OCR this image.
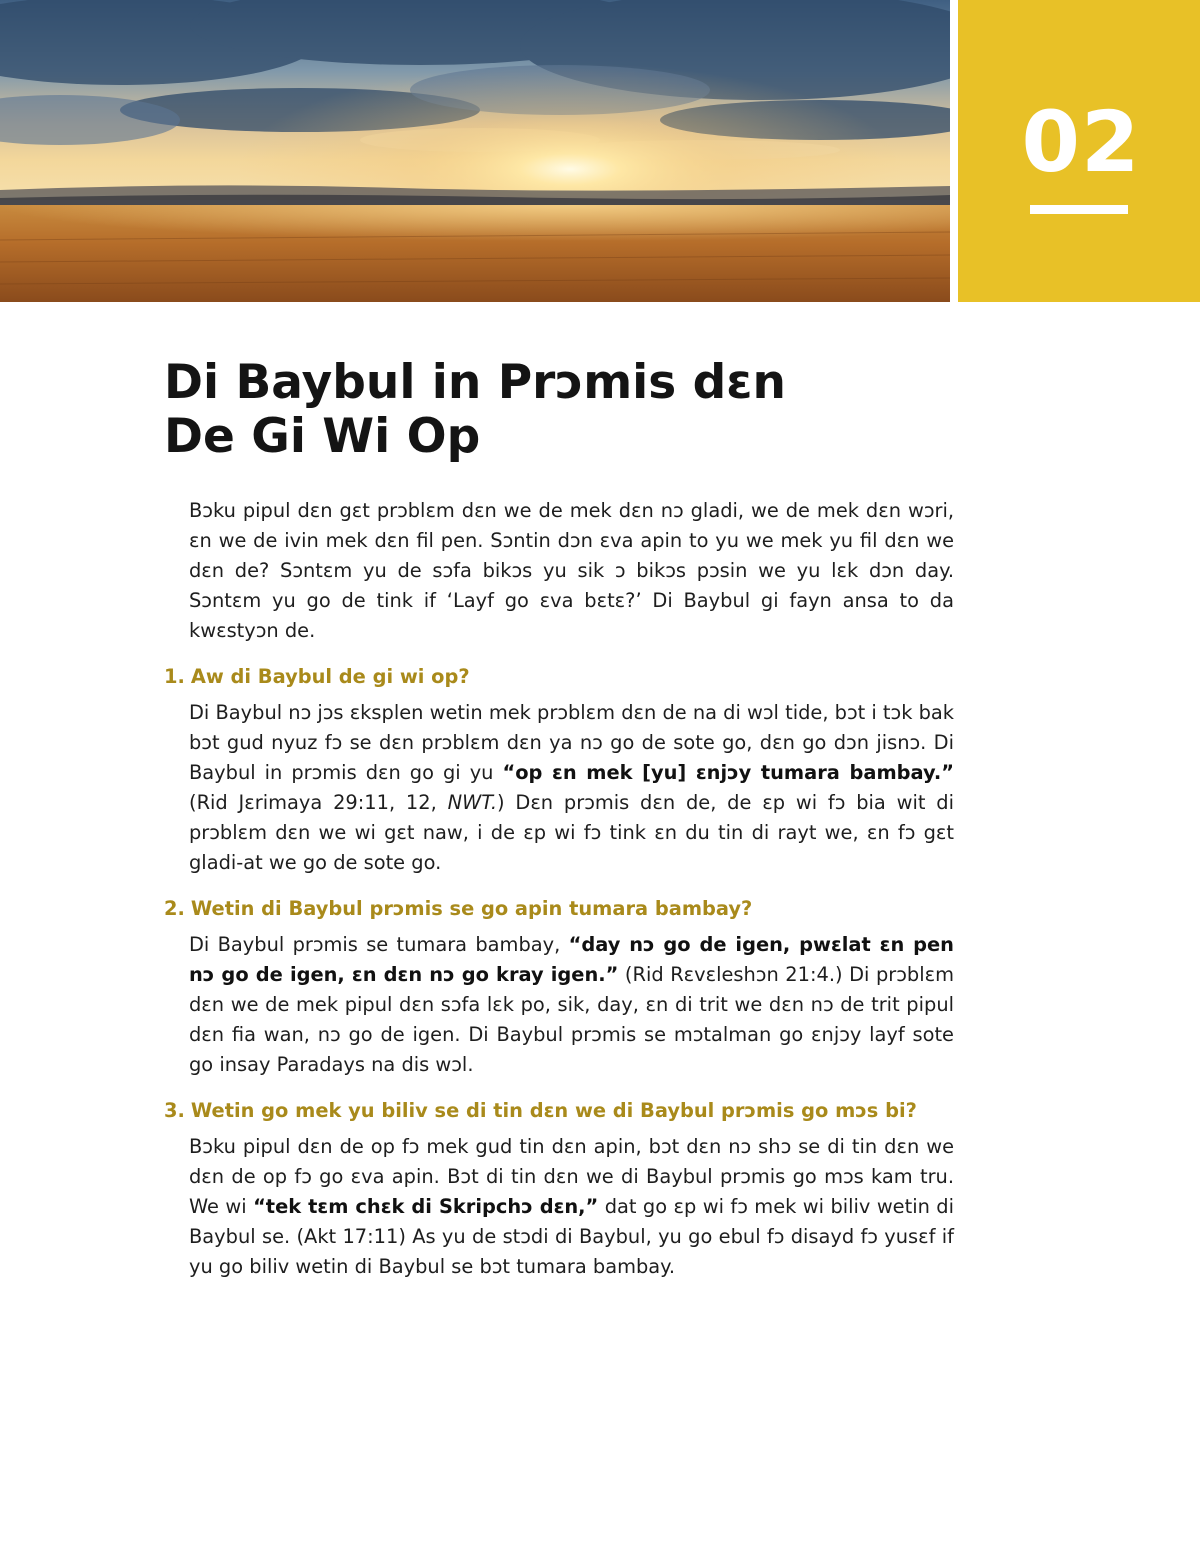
02
Di Baybul in Prɔmis dɛn
De Gi Wi Op

Bɔku pipul dɛn gɛt prɔblɛm dɛn we de mek dɛn nɔ gladi, we de mek dɛn wɔri, ɛn we de ivin mek dɛn fil pen. Sɔntin dɔn ɛva apin to yu we mek yu fil dɛn we dɛn de? Sɔntɛm yu de sɔfa bikɔs yu sik ɔ bikɔs pɔsin we yu lɛk dɔn day. Sɔntɛm yu go de tink if ‘Layf go ɛva bɛtɛ?’ Di Baybul gi fayn ansa to da kwɛstyɔn de.

1. Aw di Baybul de gi wi op?

Di Baybul nɔ jɔs ɛksplen wetin mek prɔblɛm dɛn de na di wɔl tide, bɔt i tɔk bak bɔt gud nyuz fɔ se dɛn prɔblɛm dɛn ya nɔ go de sote go, dɛn go dɔn jisnɔ. Di Baybul in prɔmis dɛn go gi yu “op ɛn mek [yu] ɛnjɔy tumara bambay.” (Rid Jɛrimaya 29:11, 12, NWT.) Dɛn prɔmis dɛn de, de ɛp wi fɔ bia wit di prɔblɛm dɛn we wi gɛt naw, i de ɛp wi fɔ tink ɛn du tin di rayt we, ɛn fɔ gɛt gladi-at we go de sote go.

2. Wetin di Baybul prɔmis se go apin tumara bambay?

Di Baybul prɔmis se tumara bambay, “day nɔ go de igen, pwɛlat ɛn pen nɔ go de igen, ɛn dɛn nɔ go kray igen.” (Rid Rɛvɛleshɔn 21:4.) Di prɔblɛm dɛn we de mek pipul dɛn sɔfa lɛk po, sik, day, ɛn di trit we dɛn nɔ de trit pipul dɛn fia wan, nɔ go de igen. Di Baybul prɔmis se mɔtalman go ɛnjɔy layf sote go insay Paradays na dis wɔl.

3. Wetin go mek yu biliv se di tin dɛn we di Baybul prɔmis go mɔs bi?

Bɔku pipul dɛn de op fɔ mek gud tin dɛn apin, bɔt dɛn nɔ shɔ se di tin dɛn we dɛn de op fɔ go ɛva apin. Bɔt di tin dɛn we di Baybul prɔmis go mɔs kam tru. We wi “tek tɛm chɛk di Skripchɔ dɛn,” dat go ɛp wi fɔ mek wi biliv wetin di Baybul se. (Akt 17:11) As yu de stɔdi di Baybul, yu go ebul fɔ disayd fɔ yusɛf if yu go biliv wetin di Baybul se bɔt tumara bambay.
